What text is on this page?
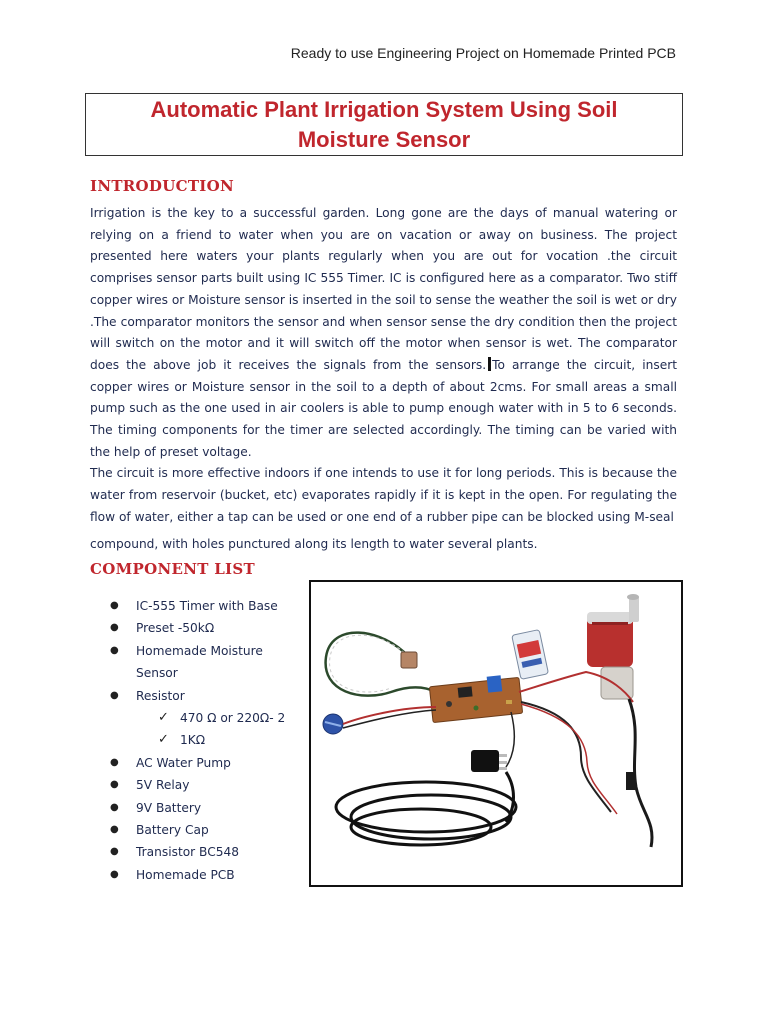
Ready to use Engineering Project on Homemade Printed PCB
Automatic Plant Irrigation System Using Soil
Moisture Sensor
INTRODUCTION

Irrigation is the key to a successful garden. Long gone are the days of manual watering or relying on a friend to water when you are on vacation or away on business. The project presented here waters your plants regularly when you are out for vocation .the circuit comprises sensor parts built using IC 555 Timer. IC is configured here as a comparator. Two stiff copper wires or Moisture sensor is inserted in the soil to sense the weather the soil is wet or dry .The comparator monitors the sensor and when sensor sense the dry condition then the project will switch on the motor and it will switch off the motor when sensor is wet. The comparator does the above job it receives the signals from the sensors. To arrange the circuit, insert copper wires or Moisture sensor in the soil to a depth of about 2cms. For small areas a small pump such as the one used in air coolers is able to pump enough water with in 5 to 6 seconds. The timing components for the timer are selected accordingly. The timing can be varied with the help of preset voltage.

The circuit is more effective indoors if one intends to use it for long periods. This is because the water from reservoir (bucket, etc) evaporates rapidly if it is kept in the open. For regulating the flow of water, either a tap can be used or one end of a rubber pipe can be blocked using M-seal

compound, with holes punctured along its length to water several plants.

COMPONENT LIST
● IC-555 Timer with Base
● Preset -50kΩ
● Homemade Moisture Sensor
● Resistor
✓ 470 Ω or 220Ω- 2
✓ 1KΩ
● AC Water Pump
● 5V Relay
● 9V Battery
● Battery Cap
● Transistor BC548
● Homemade PCB
